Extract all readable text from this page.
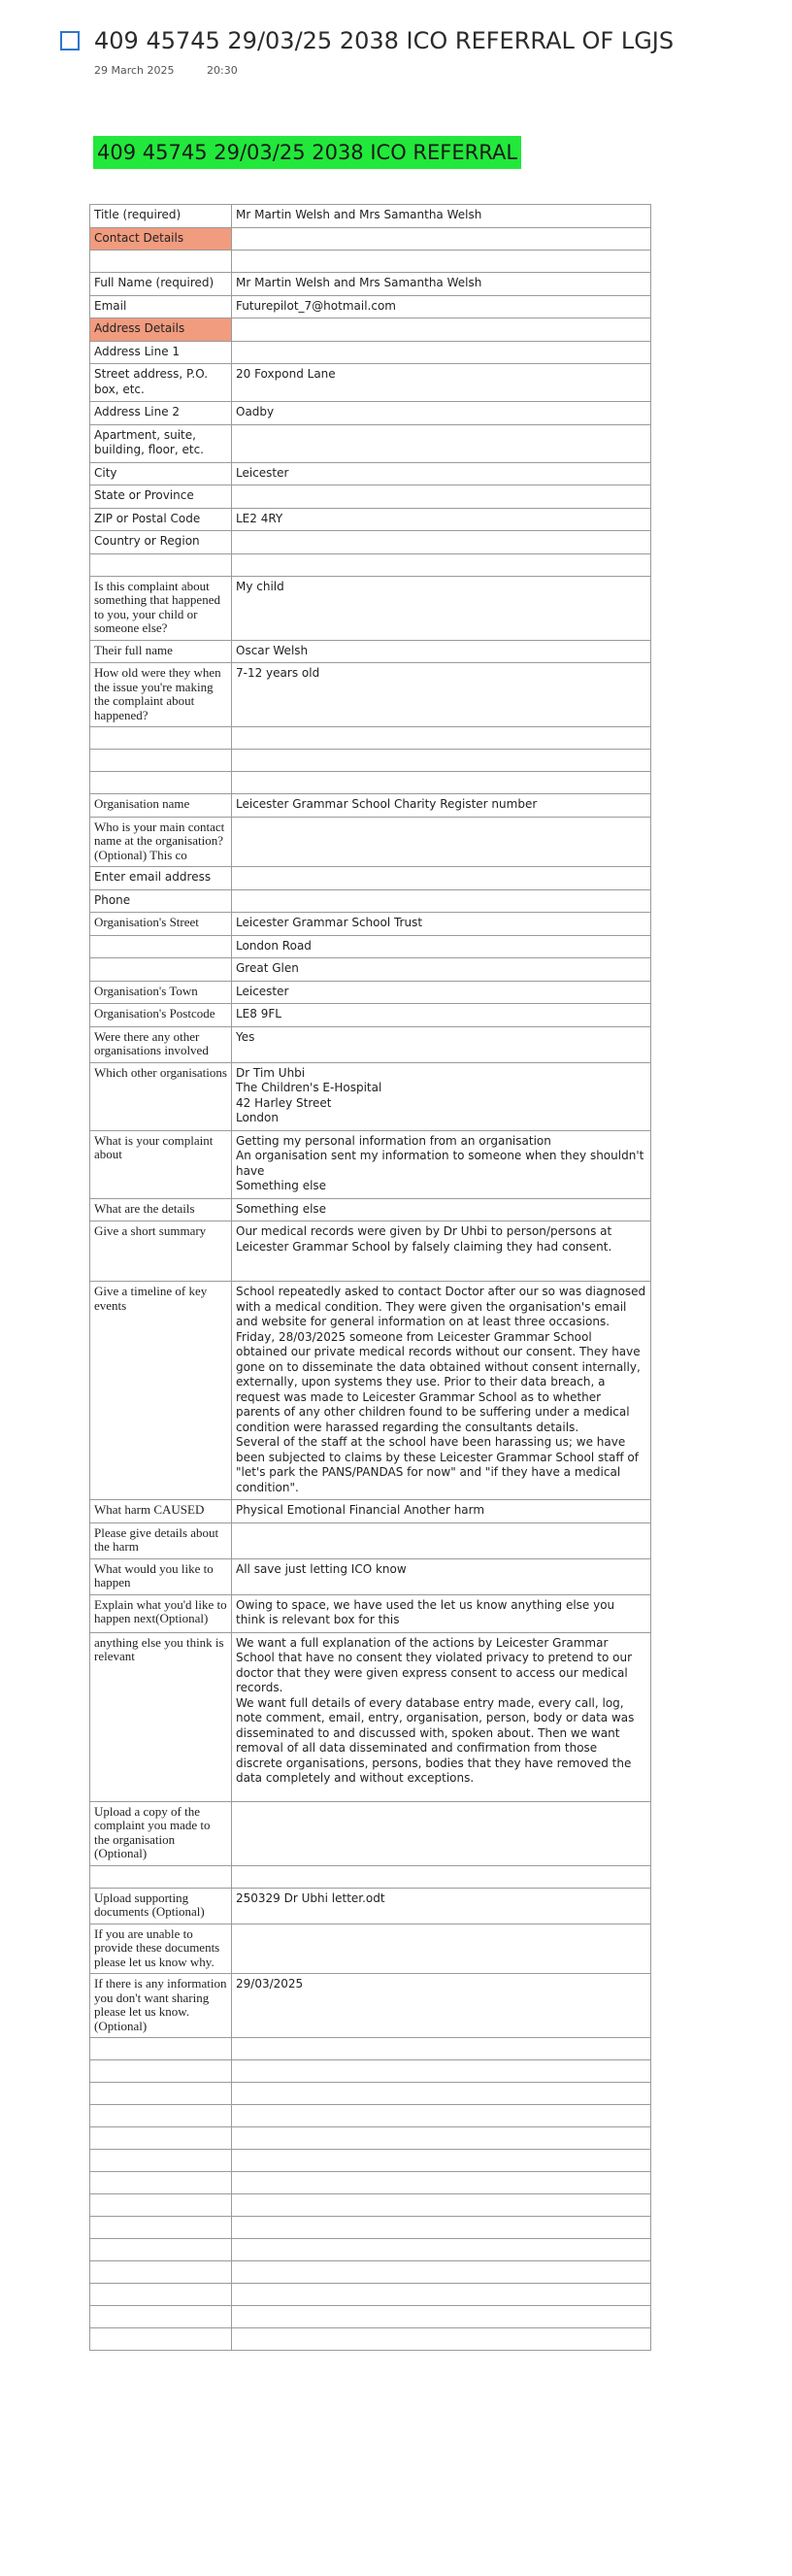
409 45745 29/03/25 2038 ICO REFERRAL OF LGJS
29 March 2025	20:30
409 45745 29/03/25 2038 ICO REFERRAL
Title (required)	Mr Martin Welsh and Mrs Samantha Welsh
Contact Details	

Full Name (required)	Mr Martin Welsh and Mrs Samantha Welsh
Email	Futurepilot_7@hotmail.com
Address Details	
Address Line 1	
Street address, P.O. box, etc.	20 Foxpond Lane
Address Line 2	Oadby
Apartment, suite, building, floor, etc.	
City	Leicester
State or Province	
ZIP or Postal Code	LE2 4RY
Country or Region	

Is this complaint about something that happened to you, your child or someone else?	My child
Their full name	Oscar Welsh
How old were they when the issue you're making the complaint about happened?	7-12 years old

Organisation name	Leicester Grammar School Charity Register number
Who is your main contact name at the organisation? (Optional) This co	
Enter email address	
Phone	
Organisation's Street	Leicester Grammar School Trust
	London Road
	Great Glen
Organisation's Town	Leicester
Organisation's Postcode	LE8 9FL
Were there any other organisations involved	Yes
Which other organisations	Dr Tim Uhbi
The Children's E-Hospital
42 Harley Street
London

What is your complaint about	Getting my personal information from an organisation
An organisation sent my information to someone when they shouldn't have
Something else

What are the details	Something else
Give a short summary	Our medical records were given by Dr Uhbi to person/persons at Leicester Grammar School by falsely claiming they had consent.
Give a timeline of key events	School repeatedly asked to contact Doctor after our so was diagnosed with a medical condition. They were given the organisation's email and website for general information on at least three occasions.
Friday, 28/03/2025 someone from Leicester Grammar School obtained our private medical records without our consent. They have gone on to disseminate the data obtained without consent internally, externally, upon systems they use. Prior to their data breach, a request was made to Leicester Grammar School as to whether parents of any other children found to be suffering under a medical condition were harassed regarding the consultants details.
Several of the staff at the school have been harassing us; we have been subjected to claims by these Leicester Grammar School staff of "let's park the PANS/PANDAS for now" and "if they have a medical condition".

What harm CAUSED	Physical Emotional Financial Another harm
Please give details about the harm	
What would you like to happen	All save just letting ICO know
Explain what you'd like to happen next(Optional)	Owing to space, we have used the let us know anything else you think is relevant box for this
anything else you think is relevant	We want a full explanation of the actions by Leicester Grammar School that have no consent they violated privacy to pretend to our doctor that they were given express consent to access our medical records.
We want full details of every database entry made, every call, log, note comment, email, entry, organisation, person, body or data was disseminated to and discussed with, spoken about. Then we want removal of all data disseminated and confirmation from those discrete organisations, persons, bodies that they have removed the data completely and without exceptions.

Upload a copy of the complaint you made to the organisation (Optional)	

Upload supporting documents (Optional)	250329 Dr Ubhi letter.odt
If you are unable to provide these documents please let us know why.	
If there is any information you don't want sharing please let us know. (Optional)	29/03/2025
